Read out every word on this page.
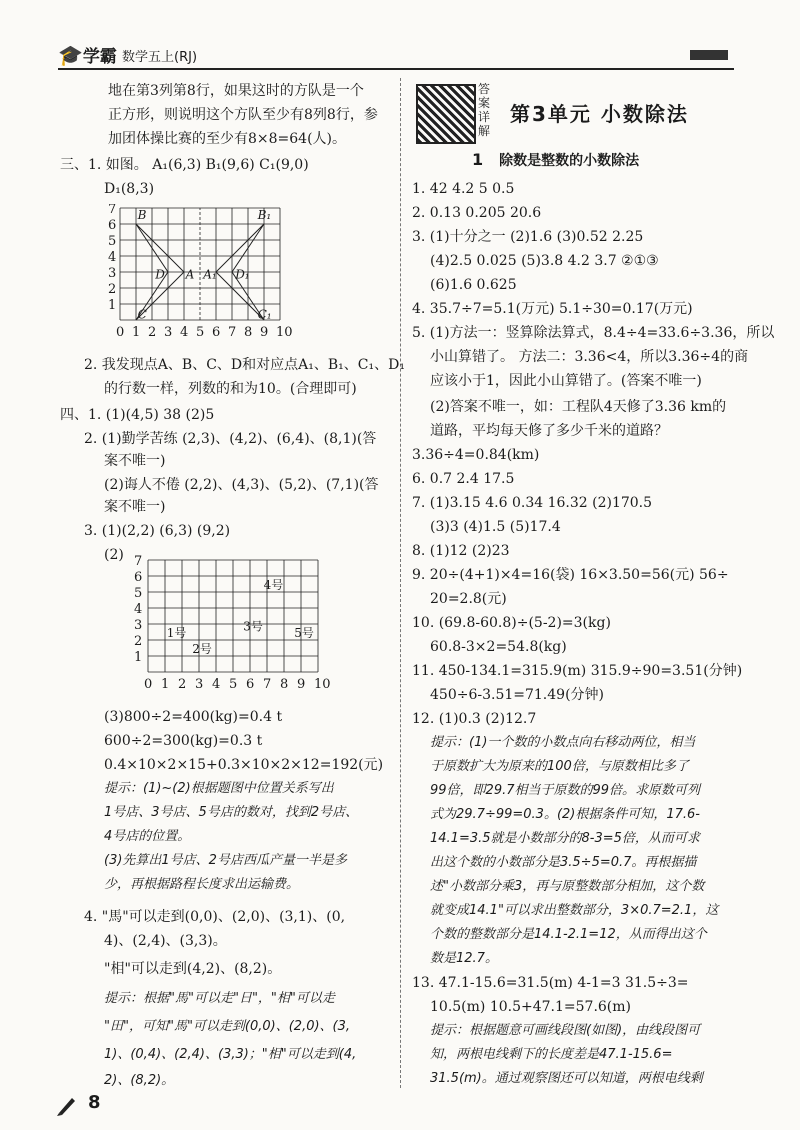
🎓学霸 数学五上(RJ)
地在第3列第8行，如果这时的方队是一个
正方形，则说明这个方队至少有8列8行，参
加团体操比赛的至少有8×8=64(人)。
三、1. 如图。 A₁(6,3) B₁(9,6) C₁(9,0)
D₁(8,3)
1
2
3
4
5
6
7
0 1 2 3 4 5 6 7 8 9 10
B	B₁
C	C₁
D	D₁
A A₁
2. 我发现点A、B、C、D和对应点A₁、B₁、C₁、D₁
的行数一样，列数的和为10。(合理即可)
四、1. (1)(4,5) 38 (2)5
2. (1)勤学苦练 (2,3)、(4,2)、(6,4)、(8,1)(答
案不唯一)
(2)诲人不倦 (2,2)、(4,3)、(5,2)、(7,1)(答
案不唯一)
3. (1)(2,2) (6,3) (9,2)
(2)
1
2
3
4
5
6
7
0 1 2 3 4 5 6 7 8 9 10
1号
2号
3号
4号
5号
(3)800÷2=400(kg)=0.4 t
600÷2=300(kg)=0.3 t
0.4×10×2×15+0.3×10×2×12=192(元)
提示：(1)~(2)根据题图中位置关系写出
1号店、3号店、5号店的数对，找到2号店、
4号店的位置。
(3)先算出1号店、2号店西瓜产量一半是多
少，再根据路程长度求出运输费。
4. "馬"可以走到(0,0)、(2,0)、(3,1)、(0,
4)、(2,4)、(3,3)。
"相"可以走到(4,2)、(8,2)。
提示：根据"馬"可以走"日"，"相"可以走
"田"，可知"馬"可以走到(0,0)、(2,0)、(3,
1)、(0,4)、(2,4)、(3,3)；"相"可以走到(4,
2)、(8,2)。
答案详解
第3单元 小数除法
1 除数是整数的小数除法
1. 42 4.2 5 0.5
2. 0.13 0.205 20.6
3. (1)十分之一 (2)1.6 (3)0.52 2.25
(4)2.5 0.025 (5)3.8 4.2 3.7 ②①③
(6)1.6 0.625
4. 35.7÷7=5.1(万元) 5.1÷30=0.17(万元)
5. (1)方法一：竖算除法算式，8.4÷4=33.6÷3.36，所以
小山算错了。 方法二：3.36<4，所以3.36÷4的商
应该小于1，因此小山算错了。(答案不唯一)
(2)答案不唯一，如：工程队4天修了3.36 km的
道路，平均每天修了多少千米的道路？
3.36÷4=0.84(km)
6. 0.7 2.4 17.5
7. (1)3.15 4.6 0.34 16.32 (2)170.5
(3)3 (4)1.5 (5)17.4
8. (1)12 (2)23
9. 20÷(4+1)×4=16(袋) 16×3.50=56(元) 56÷
20=2.8(元)
10. (69.8-60.8)÷(5-2)=3(kg)
60.8-3×2=54.8(kg)
11. 450-134.1=315.9(m) 315.9÷90=3.51(分钟)
450÷6-3.51=71.49(分钟)
12. (1)0.3 (2)12.7
提示：(1)一个数的小数点向右移动两位，相当
于原数扩大为原来的100倍，与原数相比多了
99倍，即29.7相当于原数的99倍。求原数可列
式为29.7÷99=0.3。(2)根据条件可知，17.6-
14.1=3.5就是小数部分的8-3=5倍，从而可求
出这个数的小数部分是3.5÷5=0.7。再根据描
述"小数部分乘3，再与原整数部分相加，这个数
就变成14.1"可以求出整数部分，3×0.7=2.1，这
个数的整数部分是14.1-2.1=12，从而得出这个
数是12.7。
13. 47.1-15.6=31.5(m) 4-1=3 31.5÷3=
10.5(m) 10.5+47.1=57.6(m)
提示：根据题意可画线段图(如图)，由线段图可
知，两根电线剩下的长度差是47.1-15.6=
31.5(m)。通过观察图还可以知道，两根电线剩
8
